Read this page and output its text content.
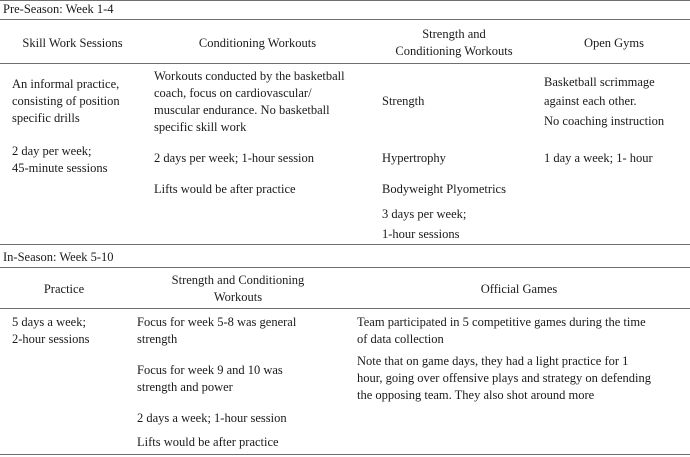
Pre-Season: Week 1-4
Skill Work Sessions	Conditioning Workouts
Strength and
Conditioning Workouts
Open Gyms
An informal practice,
consisting of position
specific drills
2 day per week;
45-minute sessions
Workouts conducted by the basketball
coach, focus on cardiovascular/
muscular endurance. No basketball
specific skill work
2 days per week; 1-hour session
Lifts would be after practice
Strength
Hypertrophy
Bodyweight Plyometrics
3 days per week;
1-hour sessions
Basketball scrimmage
against each other.
No coaching instruction
1 day a week; 1- hour
In-Season: Week 5-10
Practice
Strength and Conditioning
Workouts
Official Games
5 days a week;
2-hour sessions
Focus for week 5-8 was general
strength
Focus for week 9 and 10 was
strength and power
2 days a week; 1-hour session
Lifts would be after practice
Team participated in 5 competitive games during the time
of data collection
Note that on game days, they had a light practice for 1
hour, going over offensive plays and strategy on defending
the opposing team. They also shot around more
